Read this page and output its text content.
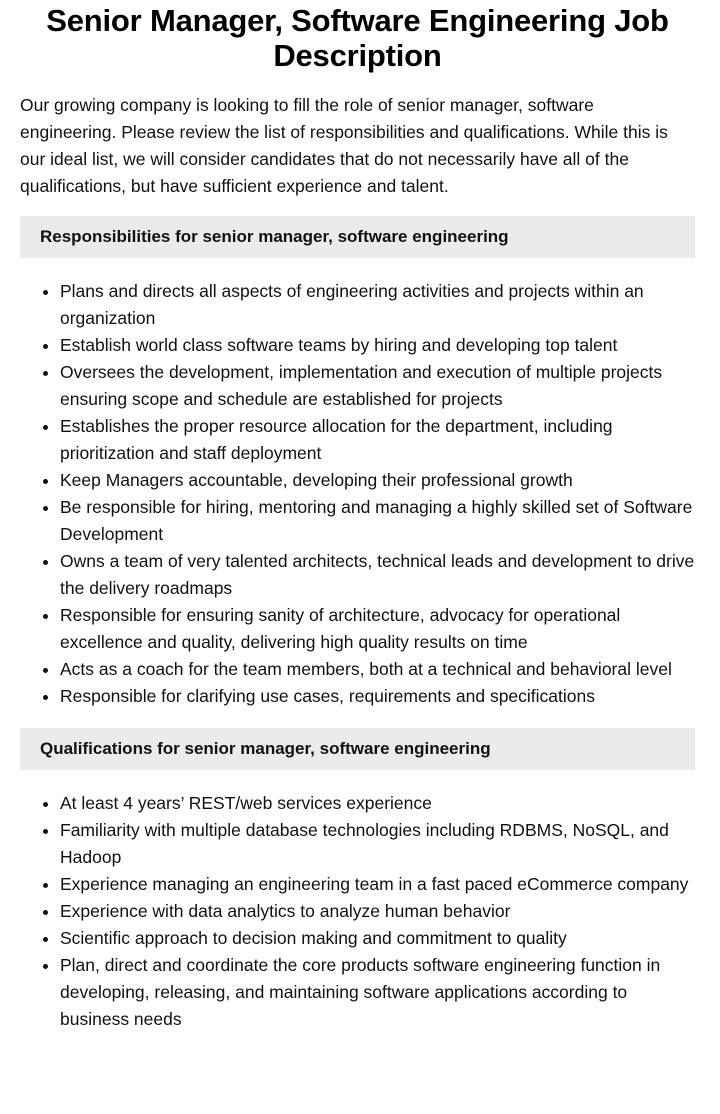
Senior Manager, Software Engineering Job Description

Our growing company is looking to fill the role of senior manager, software engineering. Please review the list of responsibilities and qualifications. While this is our ideal list, we will consider candidates that do not necessarily have all of the qualifications, but have sufficient experience and talent.

Responsibilities for senior manager, software engineering
Plans and directs all aspects of engineering activities and projects within an organization
Establish world class software teams by hiring and developing top talent
Oversees the development, implementation and execution of multiple projects ensuring scope and schedule are established for projects
Establishes the proper resource allocation for the department, including prioritization and staff deployment
Keep Managers accountable, developing their professional growth
Be responsible for hiring, mentoring and managing a highly skilled set of Software Development
Owns a team of very talented architects, technical leads and development to drive the delivery roadmaps
Responsible for ensuring sanity of architecture, advocacy for operational excellence and quality, delivering high quality results on time
Acts as a coach for the team members, both at a technical and behavioral level
Responsible for clarifying use cases, requirements and specifications
Qualifications for senior manager, software engineering
At least 4 years’ REST/web services experience
Familiarity with multiple database technologies including RDBMS, NoSQL, and Hadoop
Experience managing an engineering team in a fast paced eCommerce company
Experience with data analytics to analyze human behavior
Scientific approach to decision making and commitment to quality
Plan, direct and coordinate the core products software engineering function in developing, releasing, and maintaining software applications according to business needs
